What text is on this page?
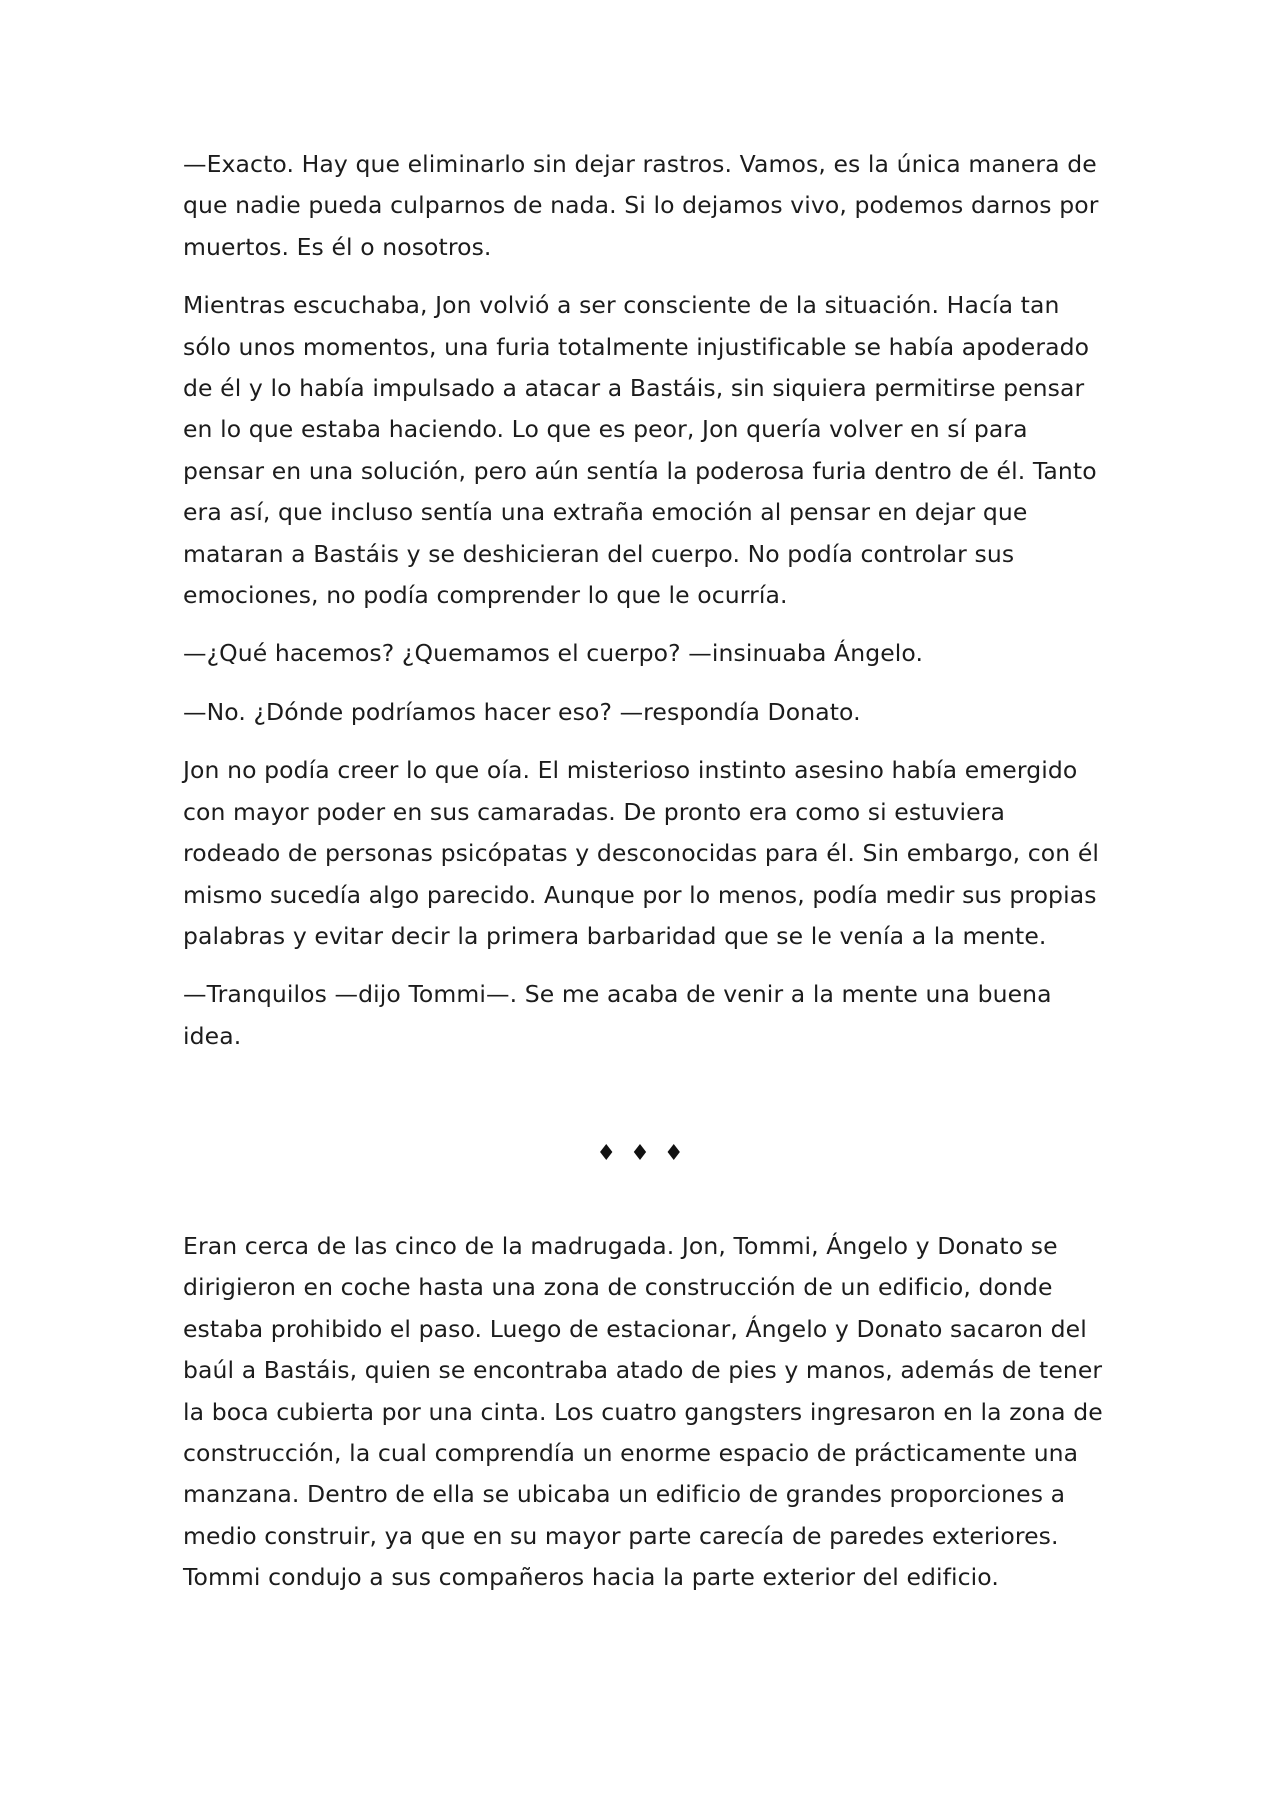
—Exacto. Hay que eliminarlo sin dejar rastros. Vamos, es la única manera de que nadie pueda culparnos de nada. Si lo dejamos vivo, podemos darnos por muertos. Es él o nosotros.

Mientras escuchaba, Jon volvió a ser consciente de la situación. Hacía tan sólo unos momentos, una furia totalmente injustificable se había apoderado de él y lo había impulsado a atacar a Bastáis, sin siquiera permitirse pensar en lo que estaba haciendo. Lo que es peor, Jon quería volver en sí para pensar en una solución, pero aún sentía la poderosa furia dentro de él. Tanto era así, que incluso sentía una extraña emoción al pensar en dejar que mataran a Bastáis y se deshicieran del cuerpo. No podía controlar sus emociones, no podía comprender lo que le ocurría.

—¿Qué hacemos? ¿Quemamos el cuerpo? —insinuaba Ángelo.

—No. ¿Dónde podríamos hacer eso? —respondía Donato.

Jon no podía creer lo que oía. El misterioso instinto asesino había emergido con mayor poder en sus camaradas. De pronto era como si estuviera rodeado de personas psicópatas y desconocidas para él. Sin embargo, con él mismo sucedía algo parecido. Aunque por lo menos, podía medir sus propias palabras y evitar decir la primera barbaridad que se le venía a la mente.

—Tranquilos —dijo Tommi—. Se me acaba de venir a la mente una buena idea.

♦♦♦

Eran cerca de las cinco de la madrugada. Jon, Tommi, Ángelo y Donato se dirigieron en coche hasta una zona de construcción de un edificio, donde estaba prohibido el paso. Luego de estacionar, Ángelo y Donato sacaron del baúl a Bastáis, quien se encontraba atado de pies y manos, además de tener la boca cubierta por una cinta. Los cuatro gangsters ingresaron en la zona de construcción, la cual comprendía un enorme espacio de prácticamente una manzana. Dentro de ella se ubicaba un edificio de grandes proporciones a medio construir, ya que en su mayor parte carecía de paredes exteriores. Tommi condujo a sus compañeros hacia la parte exterior del edificio.
